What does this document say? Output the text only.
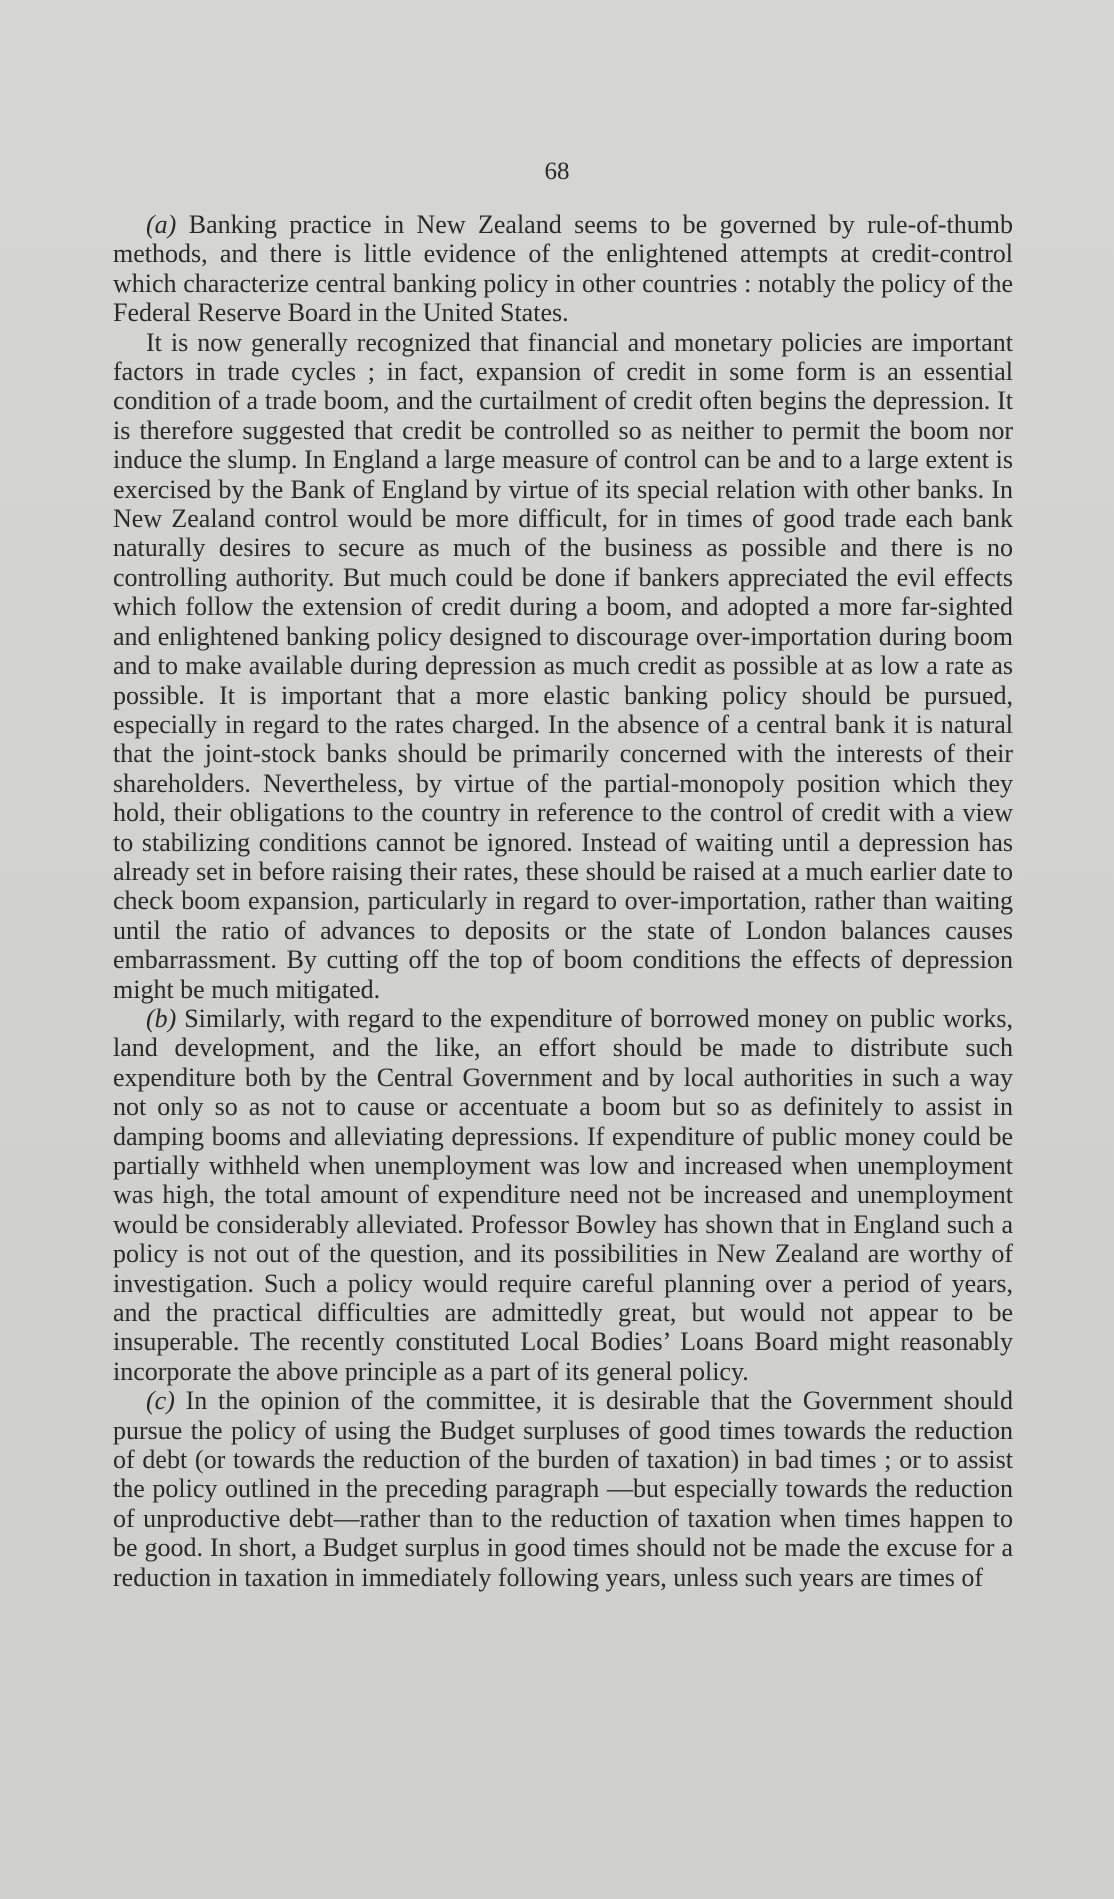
68

(a) Banking practice in New Zealand seems to be governed by rule-of-thumb methods, and there is little evidence of the enlightened attempts at credit-control which characterize central banking policy in other countries : notably the policy of the Federal Reserve Board in the United States.

It is now generally recognized that financial and monetary policies are important factors in trade cycles ; in fact, expansion of credit in some form is an essential condition of a trade boom, and the curtailment of credit often begins the depression. It is therefore suggested that credit be controlled so as neither to permit the boom nor induce the slump. In England a large measure of control can be and to a large extent is exercised by the Bank of England by virtue of its special relation with other banks. In New Zealand control would be more difficult, for in times of good trade each bank naturally desires to secure as much of the business as possible and there is no controlling authority. But much could be done if bankers appreciated the evil effects which follow the extension of credit during a boom, and adopted a more far-sighted and enlightened banking policy designed to discourage over-importation during boom and to make available during depression as much credit as possible at as low a rate as possible. It is important that a more elastic banking policy should be pursued, especially in regard to the rates charged. In the absence of a central bank it is natural that the joint-stock banks should be primarily concerned with the interests of their shareholders. Nevertheless, by virtue of the partial-monopoly position which they hold, their obligations to the country in reference to the control of credit with a view to stabilizing conditions cannot be ignored. Instead of waiting until a depression has already set in before raising their rates, these should be raised at a much earlier date to check boom expansion, particularly in regard to over-importation, rather than waiting until the ratio of advances to deposits or the state of London balances causes embarrassment. By cutting off the top of boom conditions the effects of depression might be much mitigated.

(b) Similarly, with regard to the expenditure of borrowed money on public works, land development, and the like, an effort should be made to distribute such expenditure both by the Central Government and by local authorities in such a way not only so as not to cause or accentuate a boom but so as definitely to assist in damping booms and alleviating depressions. If expenditure of public money could be partially withheld when unemployment was low and increased when unemployment was high, the total amount of expenditure need not be increased and unemployment would be considerably alleviated. Professor Bowley has shown that in England such a policy is not out of the question, and its possibilities in New Zealand are worthy of investigation. Such a policy would require careful planning over a period of years, and the practical difficulties are admittedly great, but would not appear to be insuperable. The recently constituted Local Bodies’ Loans Board might reasonably incorporate the above principle as a part of its general policy.

(c) In the opinion of the committee, it is desirable that the Government should pursue the policy of using the Budget surpluses of good times towards the reduction of debt (or towards the reduction of the burden of taxation) in bad times ; or to assist the policy outlined in the preceding paragraph —but especially towards the reduction of unproductive debt—rather than to the reduction of taxation when times happen to be good. In short, a Budget surplus in good times should not be made the excuse for a reduction in taxation in immediately following years, unless such years are times of
